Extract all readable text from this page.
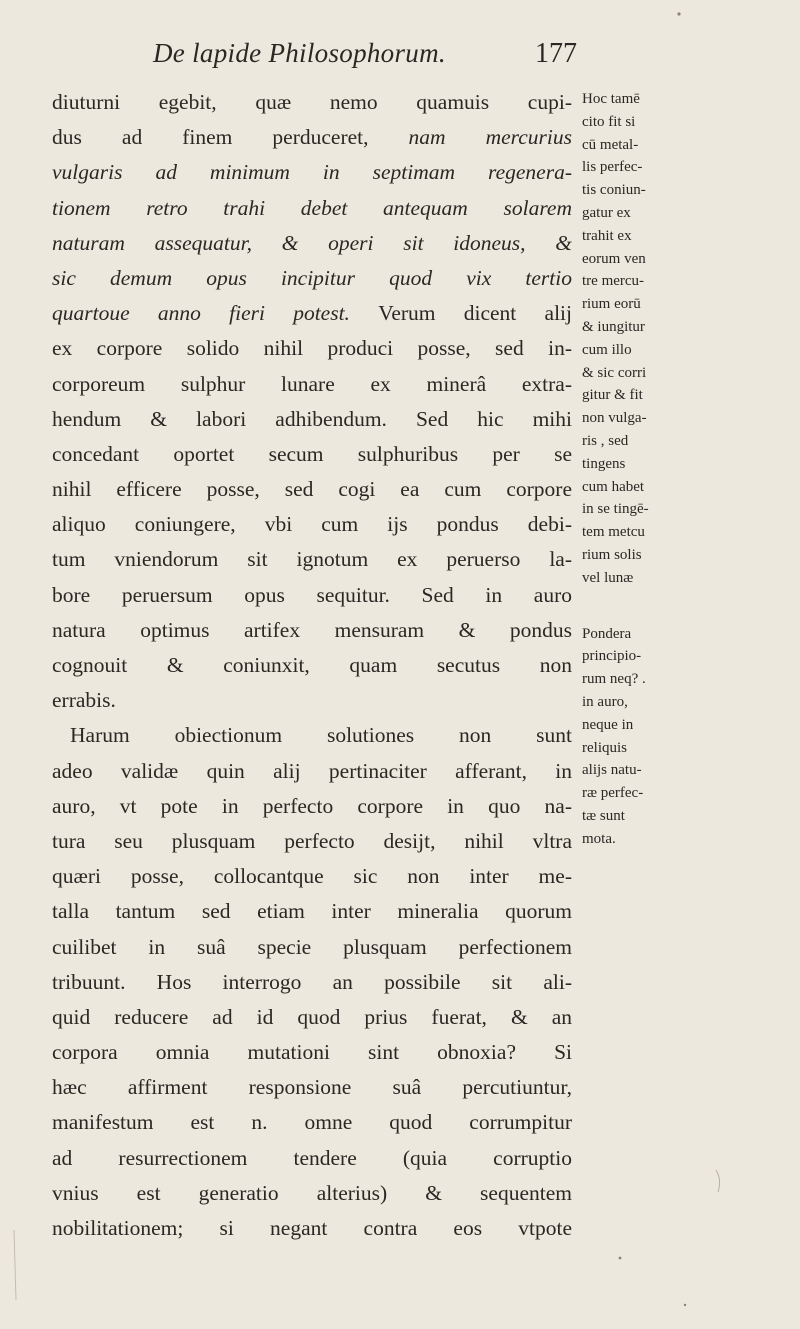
De lapide Philosophorum.	177
diuturni egebit, quæ nemo quamuis cupi-
dus ad finem perduceret, nam mercurius
vulgaris ad minimum in septimam regenera-
tionem retro trahi debet antequam solarem
naturam assequatur, & operi sit idoneus, &
sic demum opus incipitur quod vix tertio
quartoue anno fieri potest. Verum dicent alij
ex corpore solido nihil produci posse, sed in-
corporeum sulphur lunare ex minerâ extra-
hendum & labori adhibendum. Sed hic mihi
concedant oportet secum sulphuribus per se
nihil efficere posse, sed cogi ea cum corpore
aliquo coniungere, vbi cum ijs pondus debi-
tum vniendorum sit ignotum ex peruerso la-
bore peruersum opus sequitur. Sed in auro
natura optimus artifex mensuram & pondus
cognouit & coniunxit, quam secutus non
errabis.
Harum obiectionum solutiones non sunt
adeo validæ quin alij pertinaciter afferant, in
auro, vt pote in perfecto corpore in quo na-
tura seu plusquam perfecto desijt, nihil vltra
quæri posse, collocantque sic non inter me-
talla tantum sed etiam inter mineralia quorum
cuilibet in suâ specie plusquam perfectionem
tribuunt. Hos interrogo an possibile sit ali-
quid reducere ad id quod prius fuerat, & an
corpora omnia mutationi sint obnoxia? Si
hæc affirment responsione suâ percutiuntur,
manifestum est n. omne quod corrumpitur
ad resurrectionem tendere (quia corruptio
vnius est generatio alterius) & sequentem
nobilitationem; si negant contra eos vtpote
Hoc tamē
cito fit si
cū metal-
lis perfec-
tis coniun-
gatur ex
trahit ex
eorum ven
tre mercu-
rium eorū
& iungitur
cum illo
& sic corri
gitur & fit
non vulga-
ris , sed
tingens
cum habet
in se tingē-
tem metcu
rium solis
vel lunæ
Pondera
principio-
rum neq? .
in auro,
neque in
reliquis
alijs natu-
ræ perfec-
tæ sunt
mota.
